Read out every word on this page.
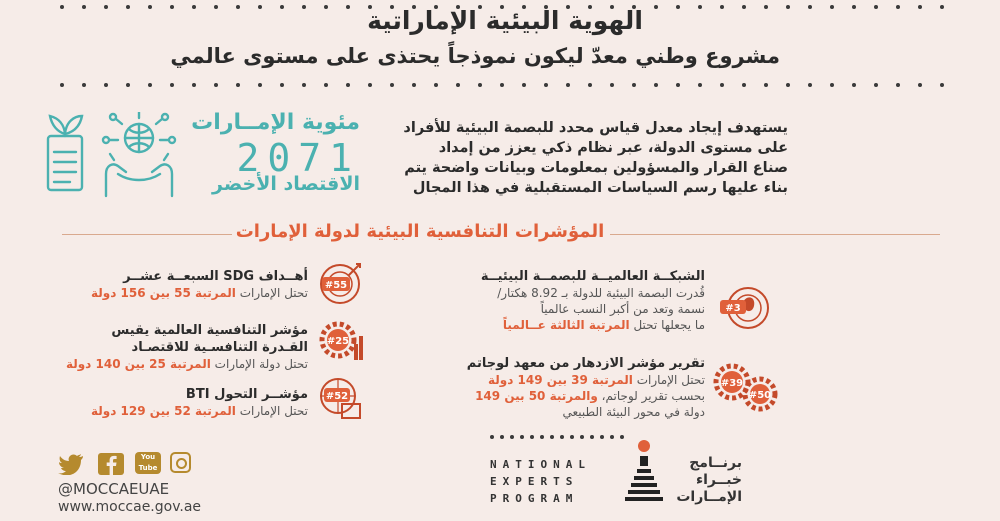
الهوية البيئية الإماراتية
مشروع وطني معدّ ليكون نموذجاً يحتذى على مستوى عالمي
يستهدف إيجاد معدل قياس محدد للبصمة البيئية للأفراد
على مستوى الدولة، عبر نظام ذكي يعزز من إمداد
صناع القرار والمسؤولين بمعلومات وبيانات واضحة يتم
بناء عليها رسم السياسات المستقبلية في هذا المجال
مئوية الإمــارات
2071
الاقتصاد الأخضر
المؤشرات التنافسية البيئية لدولة الإمارات
أهــداف SDG السبعــة عشــر
تحتل الإمارات المرتبة 55 بين 156 دولة
#55
مؤشر التنافسية العالمية يقيس
القـدرة التنافسـية للاقتصـاد
تحتل دولة الإمارات المرتبة 25 بين 140 دولة
#25
مؤشــر التحول BTI
تحتل الإمارات المرتبة 52 بين 129 دولة
#52
الشبكــة العالميــة للبصمــة البيئيــة
قُدرت البصمة البيئية للدولة بـ 8.92 هكتار/
نسمة وتعد من أكبر النسب عالمياً
ما يجعلها تحتل المرتبة الثالثة عــالمياً
#3
تقرير مؤشر الازدهار من معهد لوجاتم
تحتل الإمارات المرتبة 39 بين 149 دولة
بحسب تقرير لوجاتم، والمرتبة 50 بين 149
دولة في محور البيئة الطبيعي
#39
#50
You Tube
@MOCCAEUAE
www.moccae.gov.ae
NATIONAL
EXPERTS
PROGRAM
برنــامج
خبــراء
الإمــارات
